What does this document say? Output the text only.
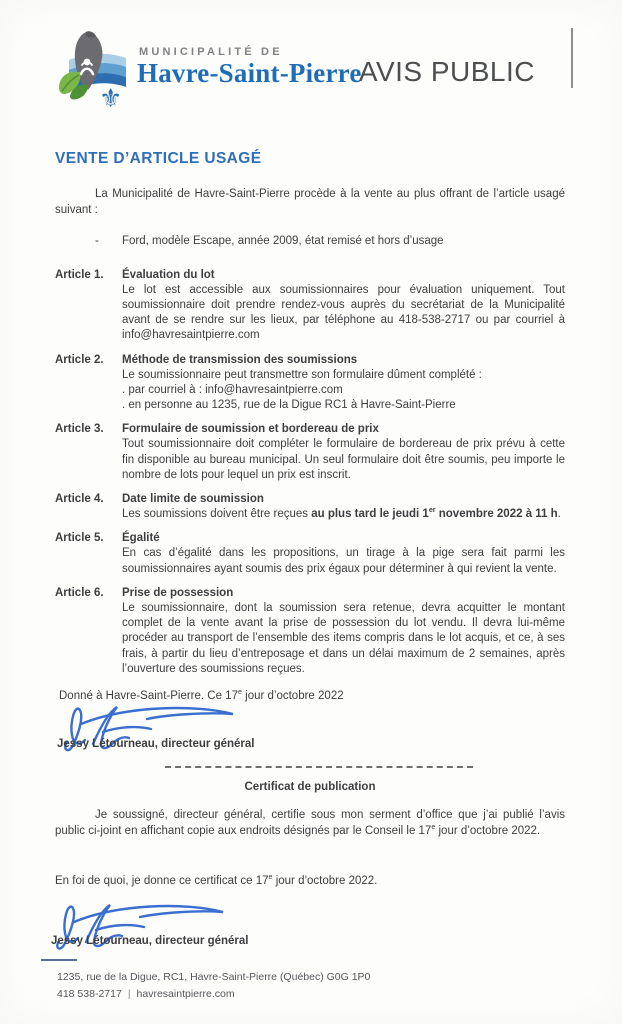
⚜
MUNICIPALITÉ DE
Havre-Saint-Pierre
AVIS PUBLIC
VENTE D’ARTICLE USAGÉ

La Municipalité de Havre-Saint-Pierre procède à la vente au plus offrant de l’article usagé suivant :

-	Ford, modèle Escape, année 2009, état remisé et hors d’usage
Article 1.	Évaluation du lot
Le lot est accessible aux soumissionnaires pour évaluation uniquement. Tout soumissionnaire doit prendre rendez-vous auprès du secrétariat de la Municipalité avant de se rendre sur les lieux, par téléphone au 418-538-2717 ou par courriel à info@havresaintpierre.com
Article 2.	Méthode de transmission des soumissions
Le soumissionnaire peut transmettre son formulaire dûment complété :
. par courriel à : info@havresaintpierre.com
. en personne au 1235, rue de la Digue RC1 à Havre-Saint-Pierre
Article 3.	Formulaire de soumission et bordereau de prix
Tout soumissionnaire doit compléter le formulaire de bordereau de prix prévu à cette fin disponible au bureau municipal. Un seul formulaire doit être soumis, peu importe le nombre de lots pour lequel un prix est inscrit.
Article 4.	Date limite de soumission
Les soumissions doivent être reçues au plus tard le jeudi 1er novembre 2022 à 11 h.
Article 5.	Égalité
En cas d’égalité dans les propositions, un tirage à la pige sera fait parmi les soumissionnaires ayant soumis des prix égaux pour déterminer à qui revient la vente.
Article 6.	Prise de possession
Le soumissionnaire, dont la soumission sera retenue, devra acquitter le montant complet de la vente avant la prise de possession du lot vendu. Il devra lui-même procéder au transport de l’ensemble des items compris dans le lot acquis, et ce, à ses frais, à partir du lieu d’entreposage et dans un délai maximum de 2 semaines, après l’ouverture des soumissions reçues.
Donné à Havre-Saint-Pierre. Ce 17e jour d’octobre 2022
Jessy Létourneau, directeur général
Certificat de publication

Je soussigné, directeur général, certifie sous mon serment d’office que j’ai publié l’avis public ci-joint en affichant copie aux endroits désignés par le Conseil le 17e jour d’octobre 2022.

En foi de quoi, je donne ce certificat ce 17e jour d’octobre 2022.

Jessy Létourneau, directeur général
1235, rue de la Digue, RC1, Havre-Saint-Pierre (Québec) G0G 1P0
418 538-2717 | havresaintpierre.com
